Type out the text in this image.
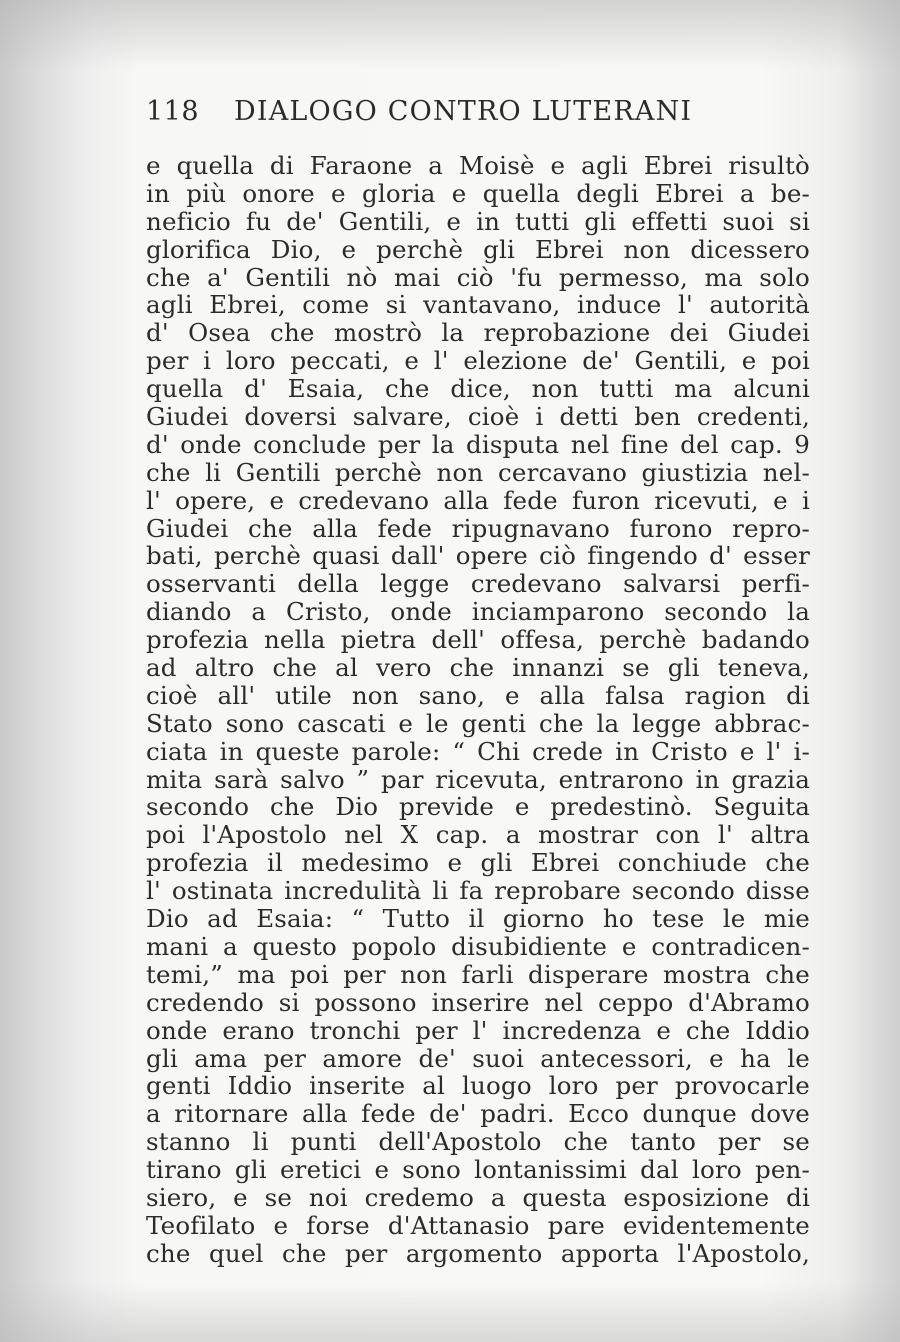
118	DIALOGO CONTRO LUTERANI
e quella di Faraone a Moisè e agli Ebrei risultò
in più onore e gloria e quella degli Ebrei a be-
neficio fu de' Gentili, e in tutti gli effetti suoi si
glorifica Dio, e perchè gli Ebrei non dicessero
che a' Gentili nò mai ciò 'fu permesso, ma solo
agli Ebrei, come si vantavano, induce l' autorità
d' Osea che mostrò la reprobazione dei Giudei
per i loro peccati, e l' elezione de' Gentili, e poi
quella d' Esaia, che dice, non tutti ma alcuni
Giudei doversi salvare, cioè i detti ben credenti,
d' onde conclude per la disputa nel fine del cap. 9
che li Gentili perchè non cercavano giustizia nel-
l' opere, e credevano alla fede furon ricevuti, e i
Giudei che alla fede ripugnavano furono repro-
bati, perchè quasi dall' opere ciò fingendo d' esser
osservanti della legge credevano salvarsi perfi-
diando a Cristo, onde inciamparono secondo la
profezia nella pietra dell' offesa, perchè badando
ad altro che al vero che innanzi se gli teneva,
cioè all' utile non sano, e alla falsa ragion di
Stato sono cascati e le genti che la legge abbrac-
ciata in queste parole: “ Chi crede in Cristo e l' i-
mita sarà salvo ” par ricevuta, entrarono in grazia
secondo che Dio previde e predestinò. Seguita
poi l'Apostolo nel X cap. a mostrar con l' altra
profezia il medesimo e gli Ebrei conchiude che
l' ostinata incredulità li fa reprobare secondo disse
Dio ad Esaia: “ Tutto il giorno ho tese le mie
mani a questo popolo disubidiente e contradicen-
temi,” ma poi per non farli disperare mostra che
credendo si possono inserire nel ceppo d'Abramo
onde erano tronchi per l' incredenza e che Iddio
gli ama per amore de' suoi antecessori, e ha le
genti Iddio inserite al luogo loro per provocarle
a ritornare alla fede de' padri. Ecco dunque dove
stanno li punti dell'Apostolo che tanto per se
tirano gli eretici e sono lontanissimi dal loro pen-
siero, e se noi credemo a questa esposizione di
Teofilato e forse d'Attanasio pare evidentemente
che quel che per argomento apporta l'Apostolo,
